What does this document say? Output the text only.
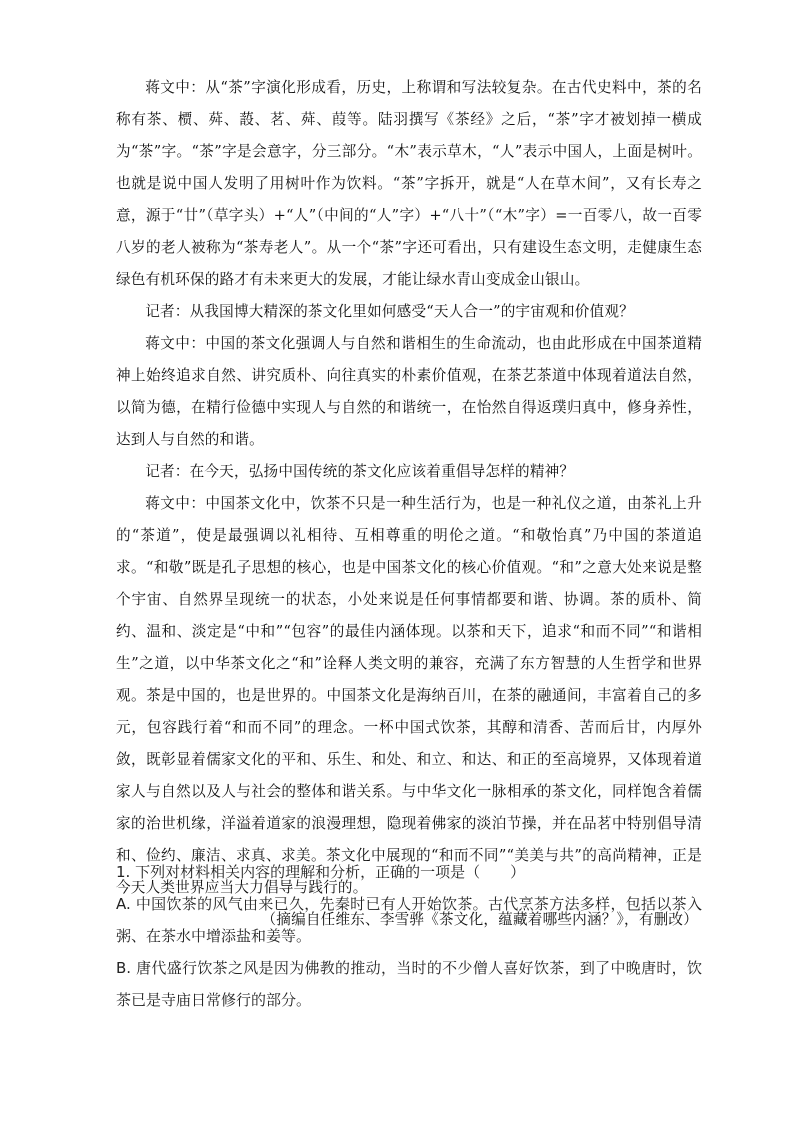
蒋文中：从“茶”字演化形成看，历史，上称谓和写法较复杂。在古代史料中，茶的名称有茶、槚、荈、蔎、茗、荈、葭等。陆羽撰写《茶经》之后，“茶”字才被划掉一横成为“茶”字。“茶”字是会意字，分三部分。“木”表示草木，“人”表示中国人，上面是树叶。也就是说中国人发明了用树叶作为饮料。“茶”字拆开，就是“人在草木间”，又有长寿之意，源于“廿”（草字头）+“人”（中间的“人”字）+“八十”（“木”字）=一百零八，故一百零八岁的老人被称为“茶寿老人”。从一个“茶”字还可看出，只有建设生态文明，走健康生态绿色有机环保的路才有未来更大的发展，才能让绿水青山变成金山银山。

记者：从我国博大精深的茶文化里如何感受“天人合一”的宇宙观和价值观？

蒋文中：中国的茶文化强调人与自然和谐相生的生命流动，也由此形成在中国茶道精神上始终追求自然、讲究质朴、向往真实的朴素价值观，在茶艺茶道中体现着道法自然，以简为德，在精行俭德中实现人与自然的和谐统一，在怡然自得返璞归真中，修身养性，达到人与自然的和谐。

记者：在今天，弘扬中国传统的茶文化应该着重倡导怎样的精神？

蒋文中：中国茶文化中，饮茶不只是一种生活行为，也是一种礼仪之道，由茶礼上升的“茶道”，使是最强调以礼相待、互相尊重的明伦之道。“和敬怡真”乃中国的茶道追求。“和敬”既是孔子思想的核心，也是中国茶文化的核心价值观。“和”之意大处来说是整个宇宙、自然界呈现统一的状态，小处来说是任何事情都要和谐、协调。茶的质朴、简约、温和、淡定是“中和”“包容”的最佳内涵体现。以茶和天下，追求“和而不同”“和谐相生”之道，以中华茶文化之“和”诠释人类文明的兼容，充满了东方智慧的人生哲学和世界观。茶是中国的，也是世界的。中国茶文化是海纳百川，在茶的融通间，丰富着自己的多元，包容践行着“和而不同”的理念。一杯中国式饮茶，其醇和清香、苦而后甘，内厚外敛，既彰显着儒家文化的平和、乐生、和处、和立、和达、和正的至高境界，又体现着道家人与自然以及人与社会的整体和谐关系。与中华文化一脉相承的茶文化，同样饱含着儒家的治世机缘，洋溢着道家的浪漫理想，隐现着佛家的淡泊节操，并在品茗中特别倡导清和、俭约、廉洁、求真、求美。茶文化中展现的“和而不同”“美美与共”的高尚精神，正是今天人类世界应当大力倡导与践行的。

（摘编自任维东、李雪骅《茶文化，蕴藏着哪些内涵？》，有删改）

1. 下列对材料相关内容的理解和分析，正确的一项是（　　）

A. 中国饮茶的风气由来已久，先秦时已有人开始饮茶。古代烹茶方法多样，包括以茶入粥、在茶水中增添盐和姜等。

B. 唐代盛行饮茶之风是因为佛教的推动，当时的不少僧人喜好饮茶，到了中晚唐时，饮茶已是寺庙日常修行的部分。
